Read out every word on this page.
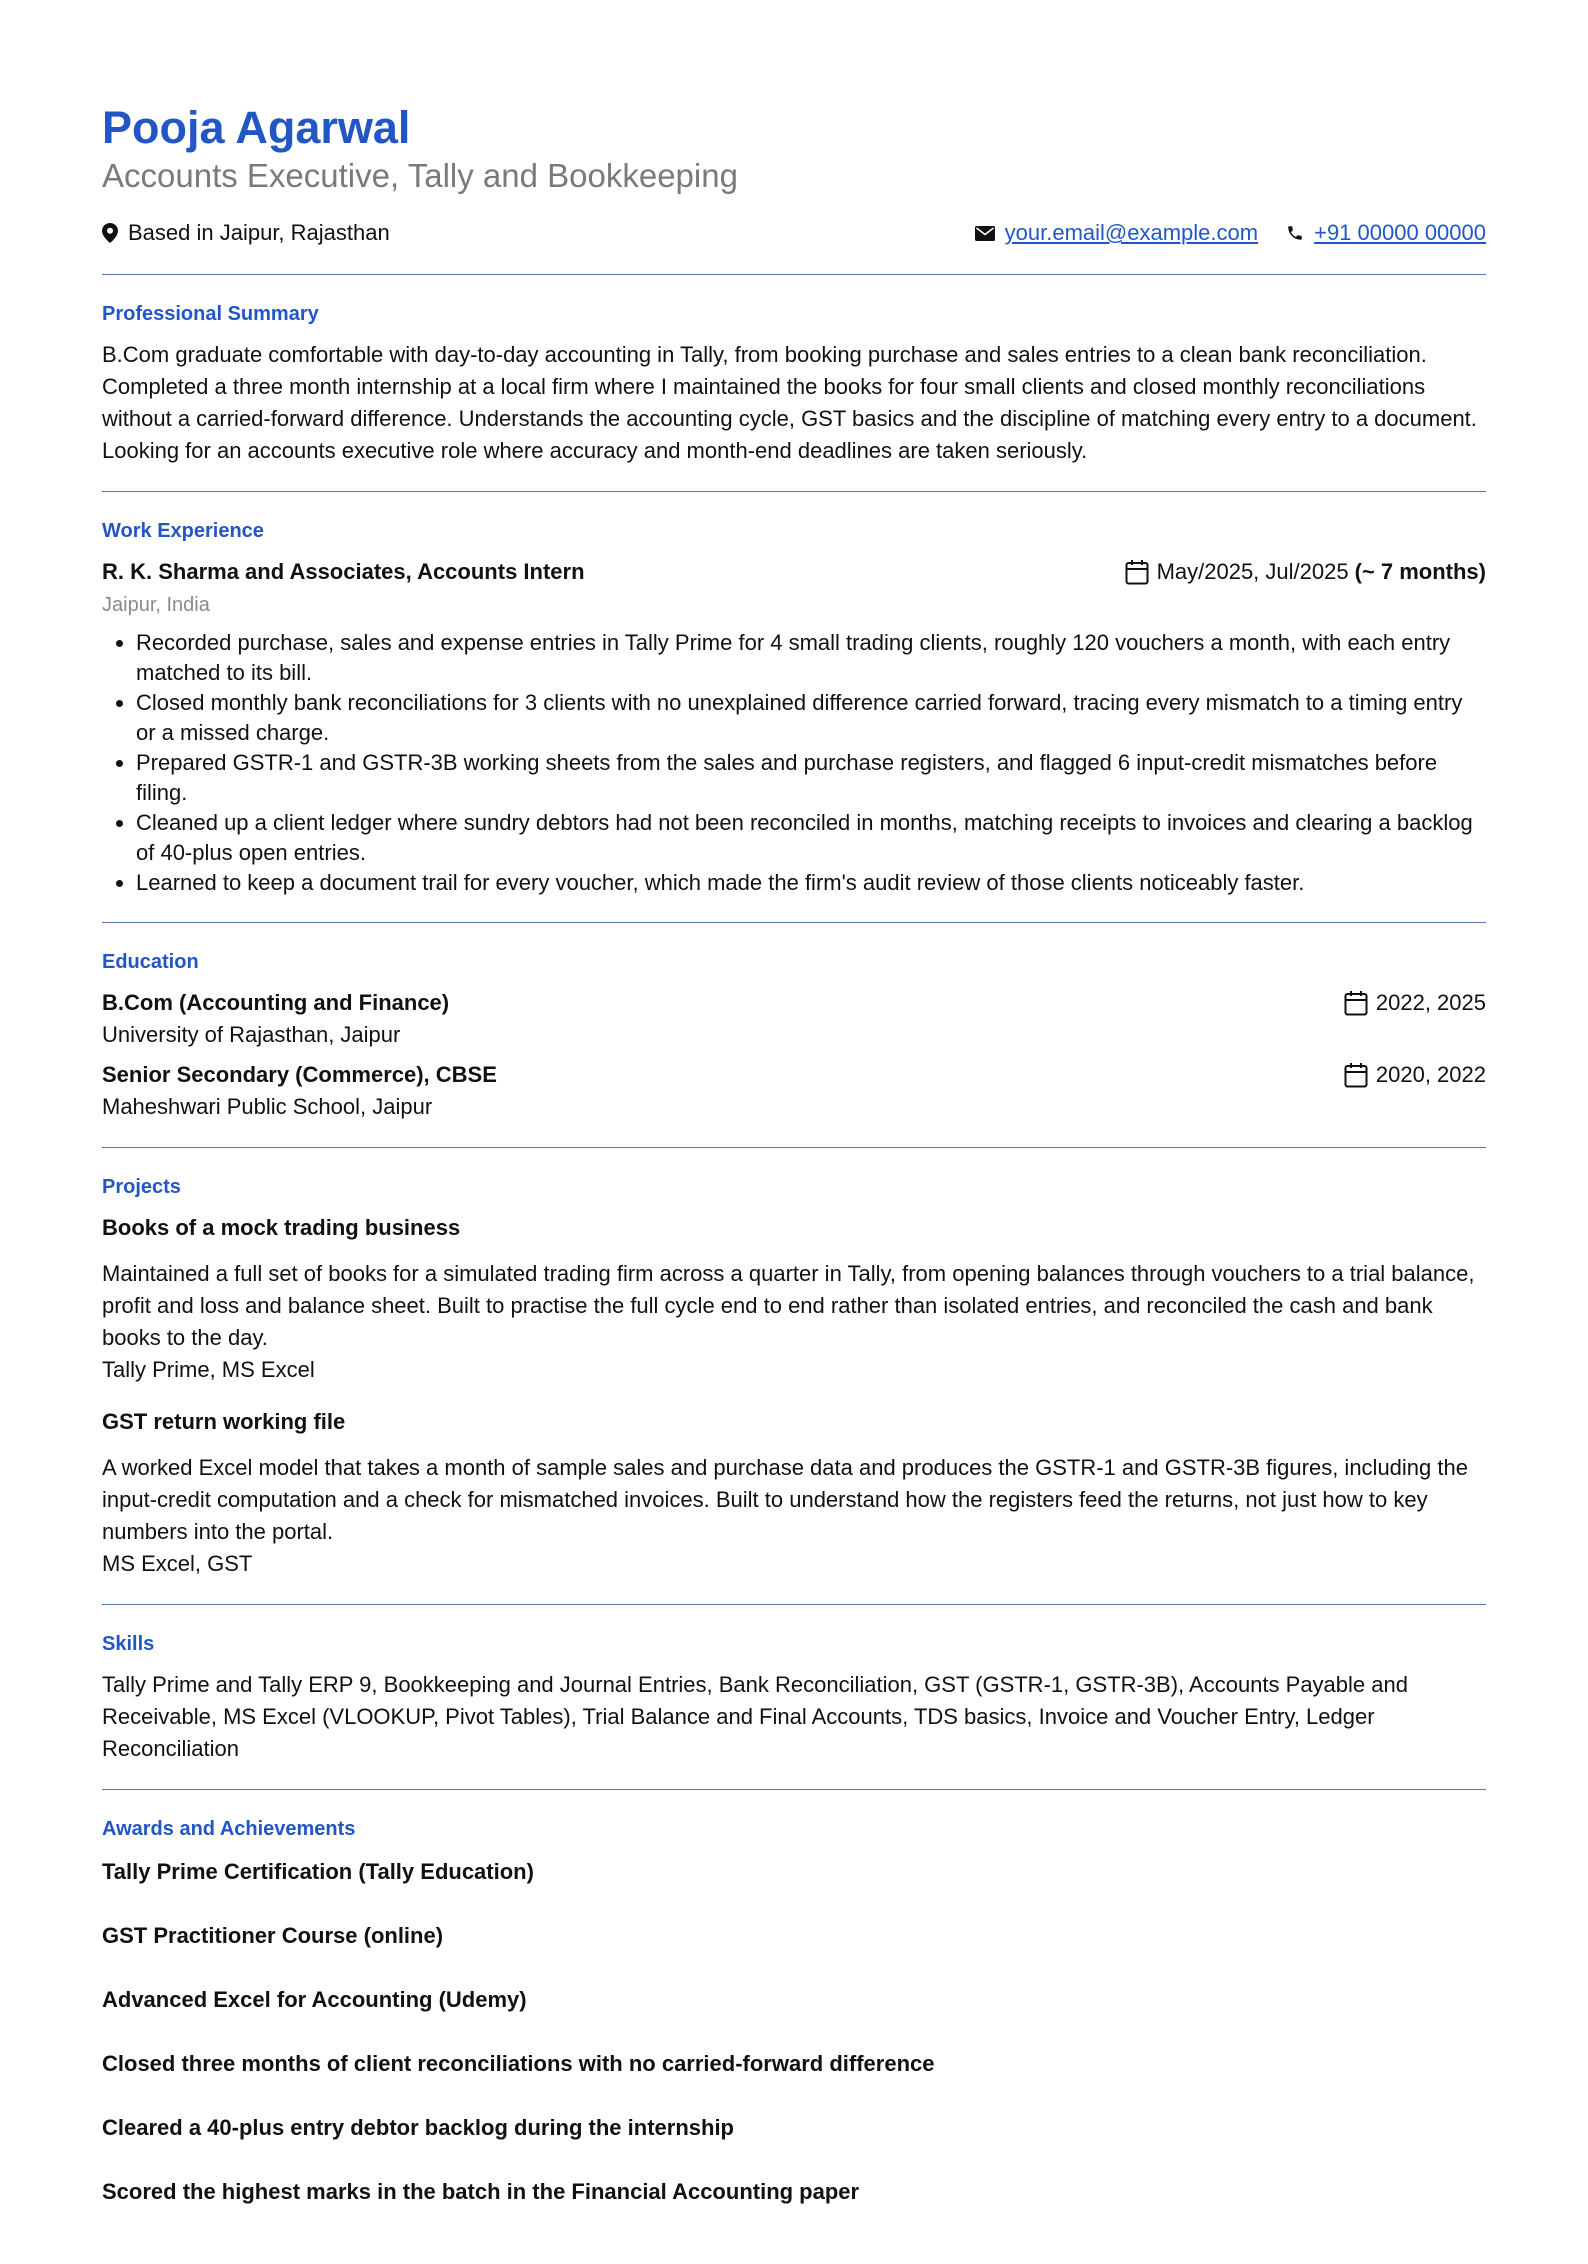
Pooja Agarwal
Accounts Executive, Tally and Bookkeeping
Based in Jaipur, Rajasthan	your.email@example.com	+91 00000 00000
Professional Summary

B.Com graduate comfortable with day-to-day accounting in Tally, from booking purchase and sales entries to a clean bank reconciliation. Completed a three month internship at a local firm where I maintained the books for four small clients and closed monthly reconciliations without a carried-forward difference. Understands the accounting cycle, GST basics and the discipline of matching every entry to a document. Looking for an accounts executive role where accuracy and month-end deadlines are taken seriously.

Work Experience
R. K. Sharma and Associates, Accounts Intern	May/2025, Jul/2025 (~ 7 months)
Jaipur, India
• Recorded purchase, sales and expense entries in Tally Prime for 4 small trading clients, roughly 120 vouchers a month, with each entry matched to its bill.
• Closed monthly bank reconciliations for 3 clients with no unexplained difference carried forward, tracing every mismatch to a timing entry or a missed charge.
• Prepared GSTR-1 and GSTR-3B working sheets from the sales and purchase registers, and flagged 6 input-credit mismatches before filing.
• Cleaned up a client ledger where sundry debtors had not been reconciled in months, matching receipts to invoices and clearing a backlog of 40-plus open entries.
• Learned to keep a document trail for every voucher, which made the firm's audit review of those clients noticeably faster.
Education
B.Com (Accounting and Finance)	2022, 2025
University of Rajasthan, Jaipur
Senior Secondary (Commerce), CBSE	2020, 2022
Maheshwari Public School, Jaipur
Projects
Books of a mock trading business

Maintained a full set of books for a simulated trading firm across a quarter in Tally, from opening balances through vouchers to a trial balance, profit and loss and balance sheet. Built to practise the full cycle end to end rather than isolated entries, and reconciled the cash and bank books to the day.

Tally Prime, MS Excel
GST return working file

A worked Excel model that takes a month of sample sales and purchase data and produces the GSTR-1 and GSTR-3B figures, including the input-credit computation and a check for mismatched invoices. Built to understand how the registers feed the returns, not just how to key numbers into the portal.

MS Excel, GST
Skills

Tally Prime and Tally ERP 9, Bookkeeping and Journal Entries, Bank Reconciliation, GST (GSTR-1, GSTR-3B), Accounts Payable and Receivable, MS Excel (VLOOKUP, Pivot Tables), Trial Balance and Final Accounts, TDS basics, Invoice and Voucher Entry, Ledger Reconciliation

Awards and Achievements
Tally Prime Certification (Tally Education)
GST Practitioner Course (online)
Advanced Excel for Accounting (Udemy)
Closed three months of client reconciliations with no carried-forward difference
Cleared a 40-plus entry debtor backlog during the internship
Scored the highest marks in the batch in the Financial Accounting paper
